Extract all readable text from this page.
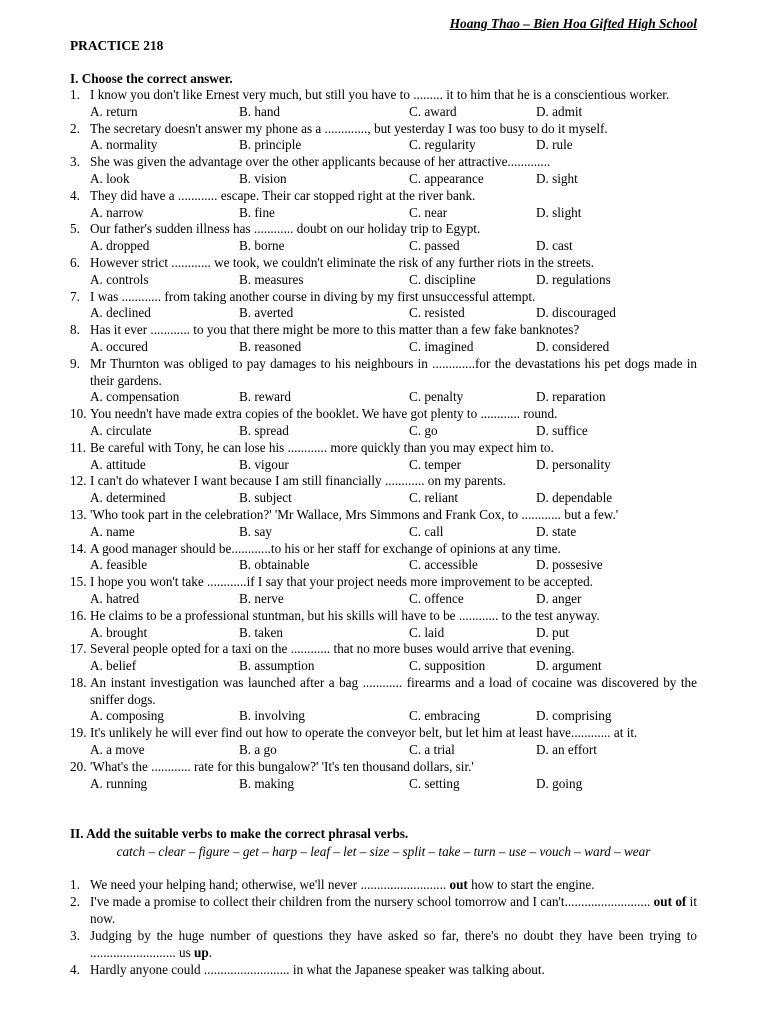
Hoang Thao – Bien Hoa Gifted High School
PRACTICE 218
I. Choose the correct answer.
1. I know you don't like Ernest very much, but still you have to ......... it to him that he is a conscientious worker.
A. return	B. hand	C. award	D. admit
2. The secretary doesn't answer my phone as a ............., but yesterday I was too busy to do it myself.
A. normality	B. principle	C. regularity	D. rule
3. She was given the advantage over the other applicants because of her attractive.............
A. look	B. vision	C. appearance	D. sight
4. They did have a ............ escape. Their car stopped right at the river bank.
A. narrow	B. fine	C. near	D. slight
5. Our father's sudden illness has ............ doubt on our holiday trip to Egypt.
A. dropped	B. borne	C. passed	D. cast
6. However strict ............ we took, we couldn't eliminate the risk of any further riots in the streets.
A. controls	B. measures	C. discipline	D. regulations
7. I was ............ from taking another course in diving by my first unsuccessful attempt.
A. declined	B. averted	C. resisted	D. discouraged
8. Has it ever ............ to you that there might be more to this matter than a few fake banknotes?
A. occured	B. reasoned	C. imagined	D. considered
9. Mr Thurnton was obliged to pay damages to his neighbours in .............for the devastations his pet dogs made in their gardens.
A. compensation	B. reward	C. penalty	D. reparation
10. You needn't have made extra copies of the booklet. We have got plenty to ............ round.
A. circulate	B. spread	C. go	D. suffice
11. Be careful with Tony, he can lose his ............ more quickly than you may expect him to.
A. attitude	B. vigour	C. temper	D. personality
12. I can't do whatever I want because I am still financially ............ on my parents.
A. determined	B. subject	C. reliant	D. dependable
13. 'Who took part in the celebration?' 'Mr Wallace, Mrs Simmons and Frank Cox, to ............ but a few.'
A. name	B. say	C. call	D. state
14. A good manager should be............to his or her staff for exchange of opinions at any time.
A. feasible	B. obtainable	C. accessible	D. possesive
15. I hope you won't take ............if I say that your project needs more improvement to be accepted.
A. hatred	B. nerve	C. offence	D. anger
16. He claims to be a professional stuntman, but his skills will have to be ............ to the test anyway.
A. brought	B. taken	C. laid	D. put
17. Several people opted for a taxi on the ............ that no more buses would arrive that evening.
A. belief	B. assumption	C. supposition	D. argument
18. An instant investigation was launched after a bag ............ firearms and a load of cocaine was discovered by the sniffer dogs.
A. composing	B. involving	C. embracing	D. comprising
19. It's unlikely he will ever find out how to operate the conveyor belt, but let him at least have............ at it.
A. a move	B. a go	C. a trial	D. an effort
20. 'What's the ............ rate for this bungalow?' 'It's ten thousand dollars, sir.'
A. running	B. making	C. setting	D. going
II. Add the suitable verbs to make the correct phrasal verbs.
catch – clear – figure – get – harp – leaf – let – size – split – take – turn – use – vouch – ward – wear
1. We need your helping hand; otherwise, we'll never .......................... out how to start the engine.
2. I've made a promise to collect their children from the nursery school tomorrow and I can't.......................... out of it now.
3. Judging by the huge number of questions they have asked so far, there's no doubt they have been trying to .......................... us up.
4. Hardly anyone could .......................... in what the Japanese speaker was talking about.
